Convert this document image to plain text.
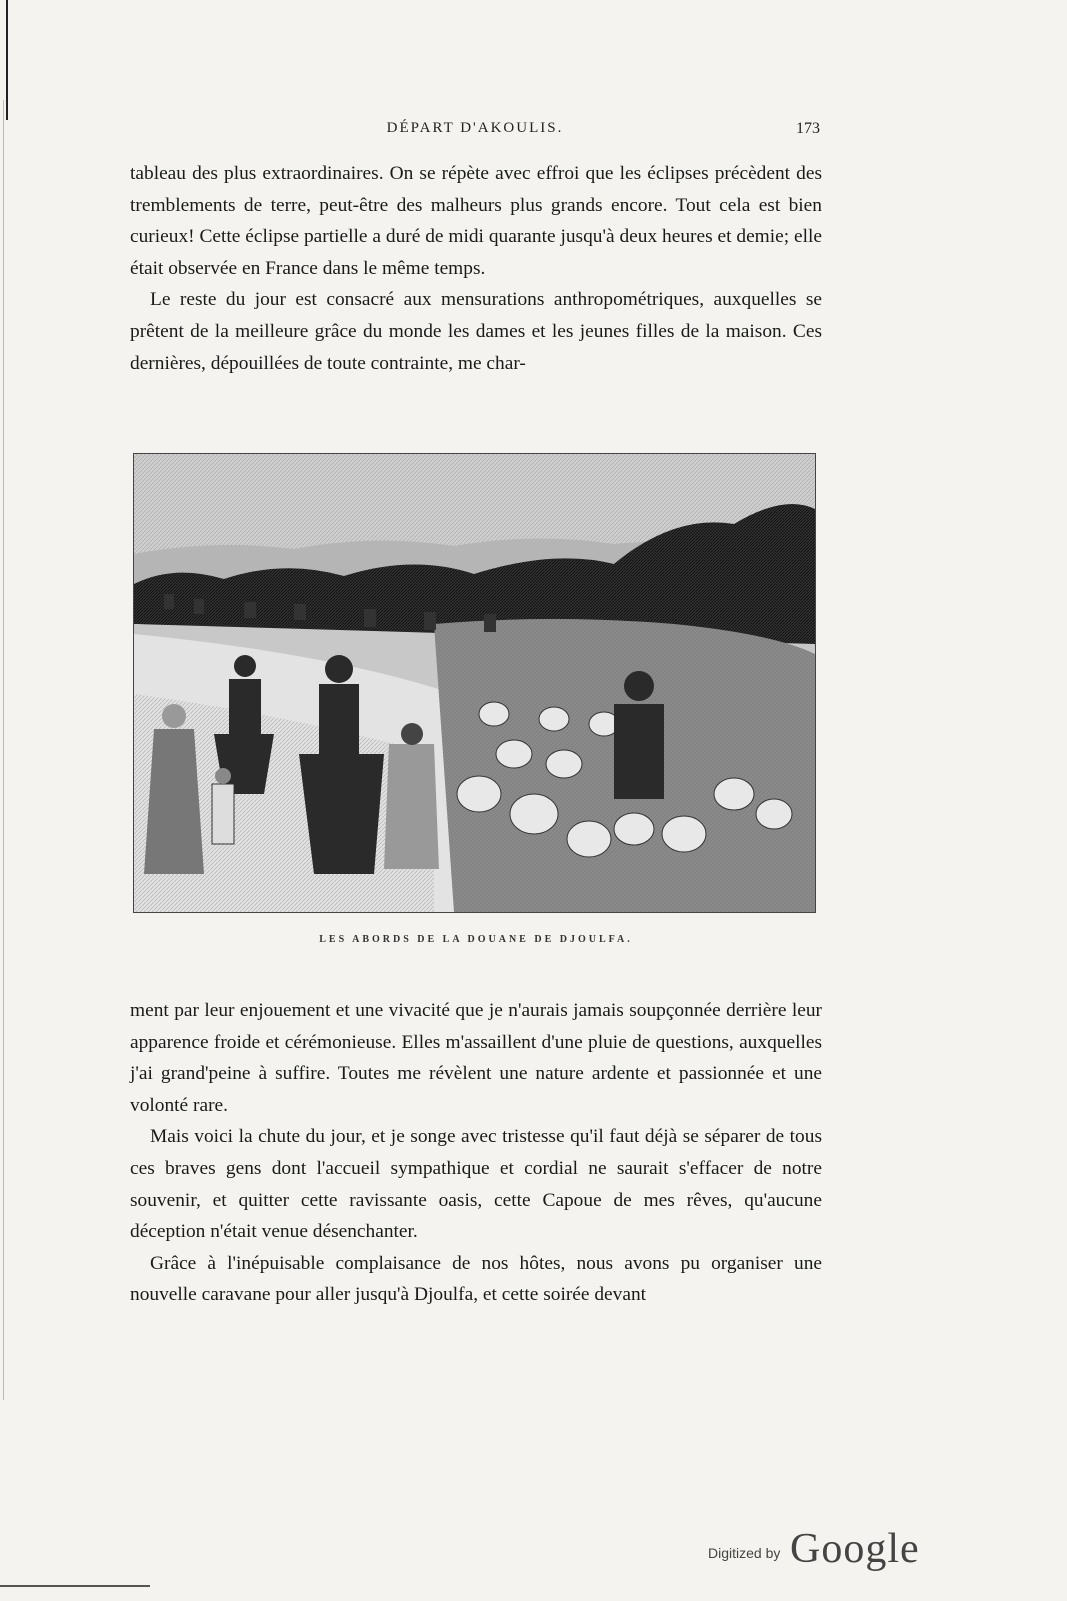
DÉPART D'AKOULIS.	173

tableau des plus extraordinaires. On se répète avec effroi que les éclipses précèdent des tremblements de terre, peut-être des malheurs plus grands encore. Tout cela est bien curieux! Cette éclipse partielle a duré de midi quarante jusqu'à deux heures et demie; elle était observée en France dans le même temps.

Le reste du jour est consacré aux mensurations anthropométriques, auxquelles se prêtent de la meilleure grâce du monde les dames et les jeunes filles de la maison. Ces dernières, dépouillées de toute contrainte, me char-

LES ABORDS DE LA DOUANE DE DJOULFA.

ment par leur enjouement et une vivacité que je n'aurais jamais soupçonnée derrière leur apparence froide et cérémonieuse. Elles m'assaillent d'une pluie de questions, auxquelles j'ai grand'peine à suffire. Toutes me révèlent une nature ardente et passionnée et une volonté rare.

Mais voici la chute du jour, et je songe avec tristesse qu'il faut déjà se séparer de tous ces braves gens dont l'accueil sympathique et cordial ne saurait s'effacer de notre souvenir, et quitter cette ravissante oasis, cette Capoue de mes rêves, qu'aucune déception n'était venue désenchanter.

Grâce à l'inépuisable complaisance de nos hôtes, nous avons pu organiser une nouvelle caravane pour aller jusqu'à Djoulfa, et cette soirée devant

Digitized by Google
